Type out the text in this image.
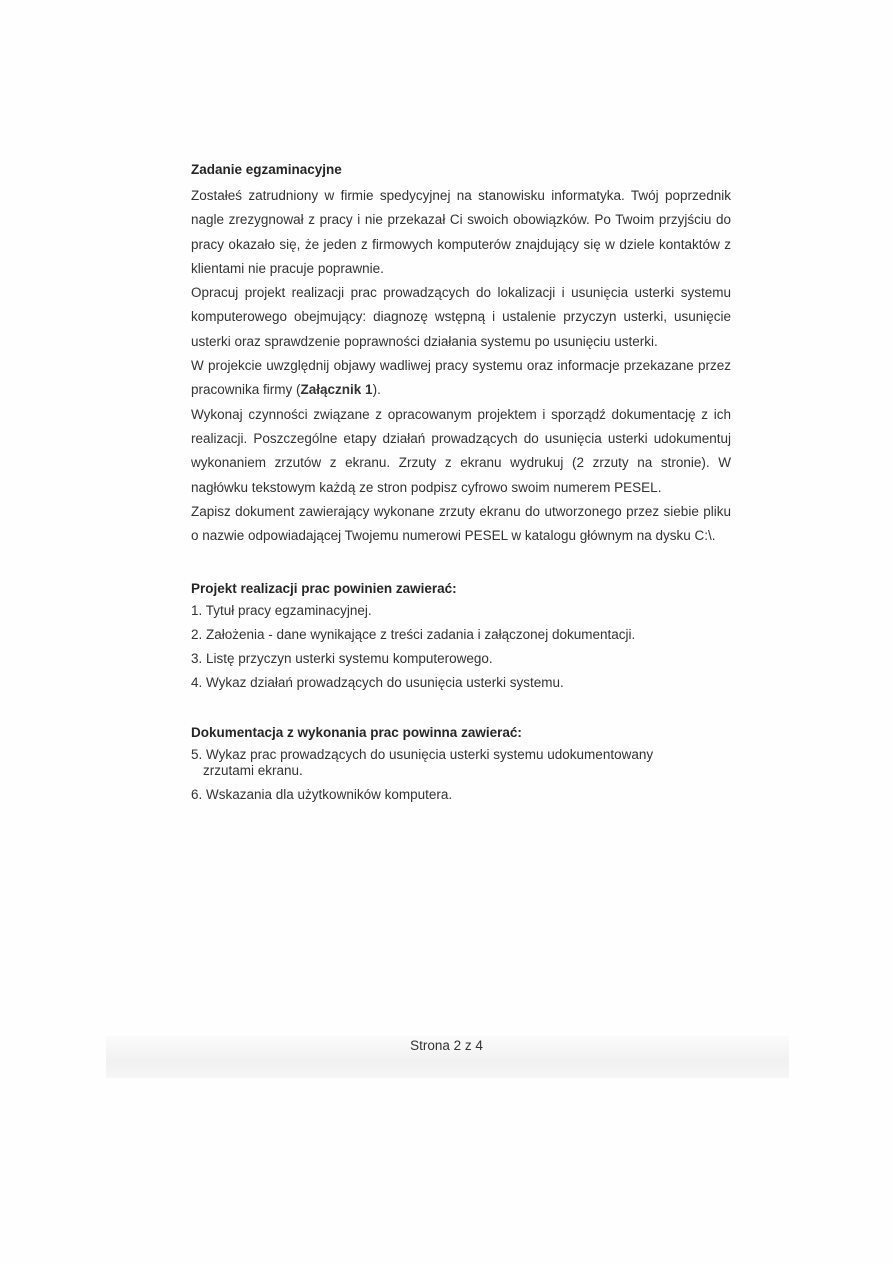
Zadanie egzaminacyjne

Zostałeś zatrudniony w firmie spedycyjnej na stanowisku informatyka. Twój poprzednik nagle zrezygnował z pracy i nie przekazał Ci swoich obowiązków. Po Twoim przyjściu do pracy okazało się, że jeden z firmowych komputerów znajdujący się w dziele kontaktów z klientami nie pracuje poprawnie.

Opracuj projekt realizacji prac prowadzących do lokalizacji i usunięcia usterki systemu komputerowego obejmujący: diagnozę wstępną i ustalenie przyczyn usterki, usunięcie usterki oraz sprawdzenie poprawności działania systemu po usunięciu usterki.

W projekcie uwzględnij objawy wadliwej pracy systemu oraz informacje przekazane przez pracownika firmy (Załącznik 1).

Wykonaj czynności związane z opracowanym projektem i sporządź dokumentację z ich realizacji. Poszczególne etapy działań prowadzących do usunięcia usterki udokumentuj wykonaniem zrzutów z ekranu. Zrzuty z ekranu wydrukuj (2 zrzuty na stronie). W nagłówku tekstowym każdą ze stron podpisz cyfrowo swoim numerem PESEL.

Zapisz dokument zawierający wykonane zrzuty ekranu do utworzonego przez siebie pliku o nazwie odpowiadającej Twojemu numerowi PESEL w katalogu głównym na dysku C:\.

Projekt realizacji prac powinien zawierać:
1. Tytuł pracy egzaminacyjnej.
2. Założenia - dane wynikające z treści zadania i załączonej dokumentacji.
3. Listę przyczyn usterki systemu komputerowego.
4. Wykaz działań prowadzących do usunięcia usterki systemu.
Dokumentacja z wykonania prac powinna zawierać:
5. Wykaz prac prowadzących do usunięcia usterki systemu udokumentowany
zrzutami ekranu.
6. Wskazania dla użytkowników komputera.
Strona 2 z 4
